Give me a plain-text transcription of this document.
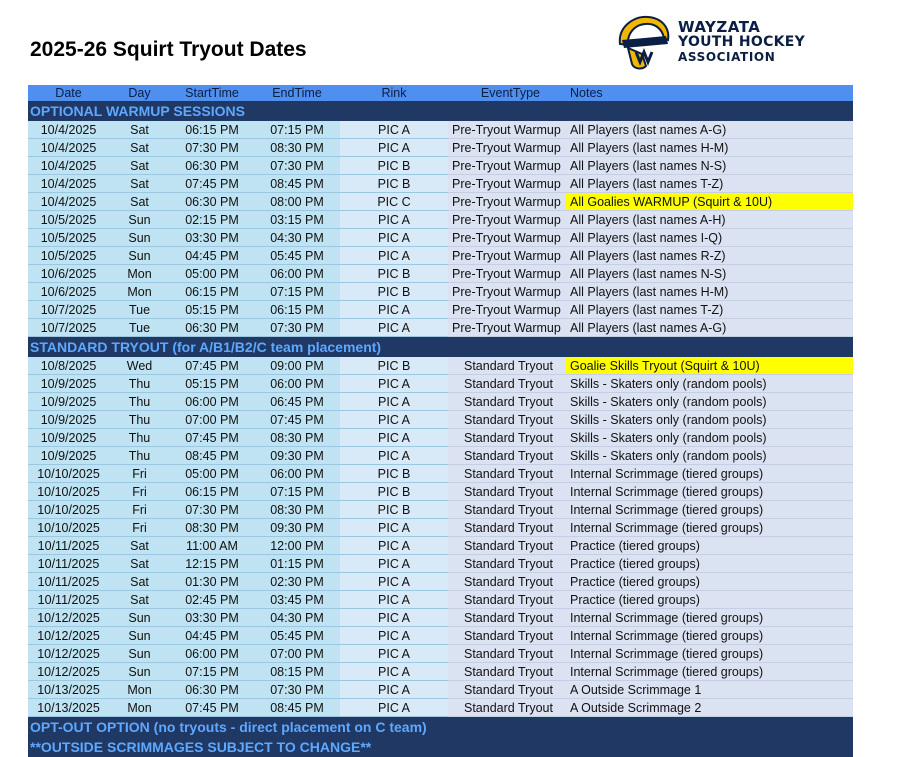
2025-26 Squirt Tryout Dates
WAYZATA
YOUTH HOCKEY
ASSOCIATION
Date	Day	StartTime	EndTime	Rink	EventType	Notes
OPTIONAL WARMUP SESSIONS						
10/4/2025	Sat	06:15 PM	07:15 PM	PIC A	Pre-Tryout Warmup	All Players (last names A-G)
10/4/2025	Sat	07:30 PM	08:30 PM	PIC A	Pre-Tryout Warmup	All Players (last names H-M)
10/4/2025	Sat	06:30 PM	07:30 PM	PIC B	Pre-Tryout Warmup	All Players (last names N-S)
10/4/2025	Sat	07:45 PM	08:45 PM	PIC B	Pre-Tryout Warmup	All Players (last names T-Z)
10/4/2025	Sat	06:30 PM	08:00 PM	PIC C	Pre-Tryout Warmup	All Goalies WARMUP (Squirt & 10U)
10/5/2025	Sun	02:15 PM	03:15 PM	PIC A	Pre-Tryout Warmup	All Players (last names A-H)
10/5/2025	Sun	03:30 PM	04:30 PM	PIC A	Pre-Tryout Warmup	All Players (last names I-Q)
10/5/2025	Sun	04:45 PM	05:45 PM	PIC A	Pre-Tryout Warmup	All Players (last names R-Z)
10/6/2025	Mon	05:00 PM	06:00 PM	PIC B	Pre-Tryout Warmup	All Players (last names N-S)
10/6/2025	Mon	06:15 PM	07:15 PM	PIC B	Pre-Tryout Warmup	All Players (last names H-M)
10/7/2025	Tue	05:15 PM	06:15 PM	PIC A	Pre-Tryout Warmup	All Players (last names T-Z)
10/7/2025	Tue	06:30 PM	07:30 PM	PIC A	Pre-Tryout Warmup	All Players (last names A-G)
STANDARD TRYOUT (for A/B1/B2/C team placement)						
10/8/2025	Wed	07:45 PM	09:00 PM	PIC B	Standard Tryout	Goalie Skills Tryout (Squirt & 10U)
10/9/2025	Thu	05:15 PM	06:00 PM	PIC A	Standard Tryout	Skills - Skaters only (random pools)
10/9/2025	Thu	06:00 PM	06:45 PM	PIC A	Standard Tryout	Skills - Skaters only (random pools)
10/9/2025	Thu	07:00 PM	07:45 PM	PIC A	Standard Tryout	Skills - Skaters only (random pools)
10/9/2025	Thu	07:45 PM	08:30 PM	PIC A	Standard Tryout	Skills - Skaters only (random pools)
10/9/2025	Thu	08:45 PM	09:30 PM	PIC A	Standard Tryout	Skills - Skaters only (random pools)
10/10/2025	Fri	05:00 PM	06:00 PM	PIC B	Standard Tryout	Internal Scrimmage (tiered groups)
10/10/2025	Fri	06:15 PM	07:15 PM	PIC B	Standard Tryout	Internal Scrimmage (tiered groups)
10/10/2025	Fri	07:30 PM	08:30 PM	PIC B	Standard Tryout	Internal Scrimmage (tiered groups)
10/10/2025	Fri	08:30 PM	09:30 PM	PIC A	Standard Tryout	Internal Scrimmage (tiered groups)
10/11/2025	Sat	11:00 AM	12:00 PM	PIC A	Standard Tryout	Practice (tiered groups)
10/11/2025	Sat	12:15 PM	01:15 PM	PIC A	Standard Tryout	Practice (tiered groups)
10/11/2025	Sat	01:30 PM	02:30 PM	PIC A	Standard Tryout	Practice (tiered groups)
10/11/2025	Sat	02:45 PM	03:45 PM	PIC A	Standard Tryout	Practice (tiered groups)
10/12/2025	Sun	03:30 PM	04:30 PM	PIC A	Standard Tryout	Internal Scrimmage (tiered groups)
10/12/2025	Sun	04:45 PM	05:45 PM	PIC A	Standard Tryout	Internal Scrimmage (tiered groups)
10/12/2025	Sun	06:00 PM	07:00 PM	PIC A	Standard Tryout	Internal Scrimmage (tiered groups)
10/12/2025	Sun	07:15 PM	08:15 PM	PIC A	Standard Tryout	Internal Scrimmage (tiered groups)
10/13/2025	Mon	06:30 PM	07:30 PM	PIC A	Standard Tryout	A Outside Scrimmage 1
10/13/2025	Mon	07:45 PM	08:45 PM	PIC A	Standard Tryout	A Outside Scrimmage 2
OPT-OUT OPTION (no tryouts - direct placement on C team)						
**OUTSIDE SCRIMMAGES SUBJECT TO CHANGE**						
